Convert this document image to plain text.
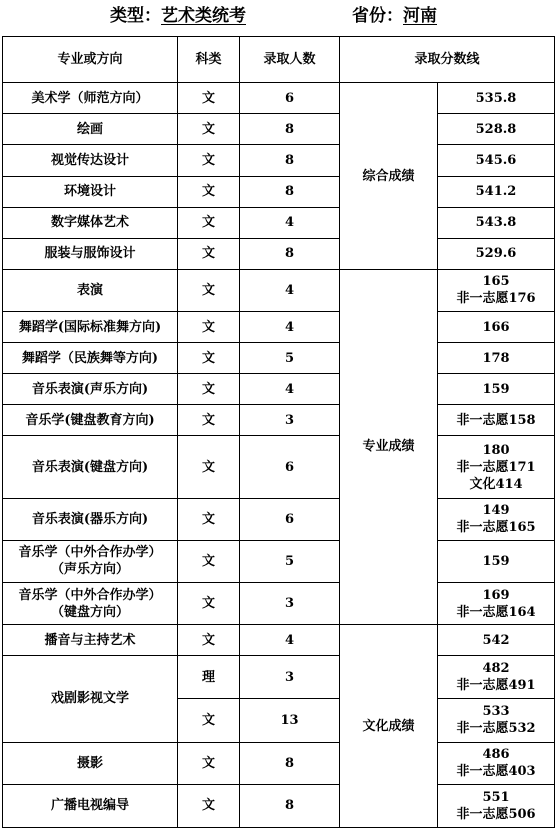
类型：艺术类统考	省份：河南
专业或方向	科类	录取人数	录取分数线	
美术学（师范方向）	文	6	综合成绩	535.8
绘画	文	8		528.8
视觉传达设计	文	8		545.6
环境设计	文	8		541.2
数字媒体艺术	文	4		543.8
服装与服饰设计	文	8		529.6
表演	文	4	专业成绩	165
非一志愿176
舞蹈学(国际标准舞方向)	文	4		166
舞蹈学（民族舞等方向)	文	5		178
音乐表演(声乐方向)	文	4		159
音乐学(键盘教育方向)	文	3		非一志愿158
音乐表演(键盘方向)	文	6		180
非一志愿171
文化414
音乐表演(器乐方向)	文	6		149
非一志愿165
音乐学（中外合作办学）
（声乐方向）	文	5		159
音乐学（中外合作办学）
（键盘方向）	文	3		169
非一志愿164
播音与主持艺术	文	4	文化成绩	542
戏剧影视文学	理	3		482
非一志愿491
	文	13		533
非一志愿532
摄影	文	8		486
非一志愿403
广播电视编导	文	8		551
非一志愿506
